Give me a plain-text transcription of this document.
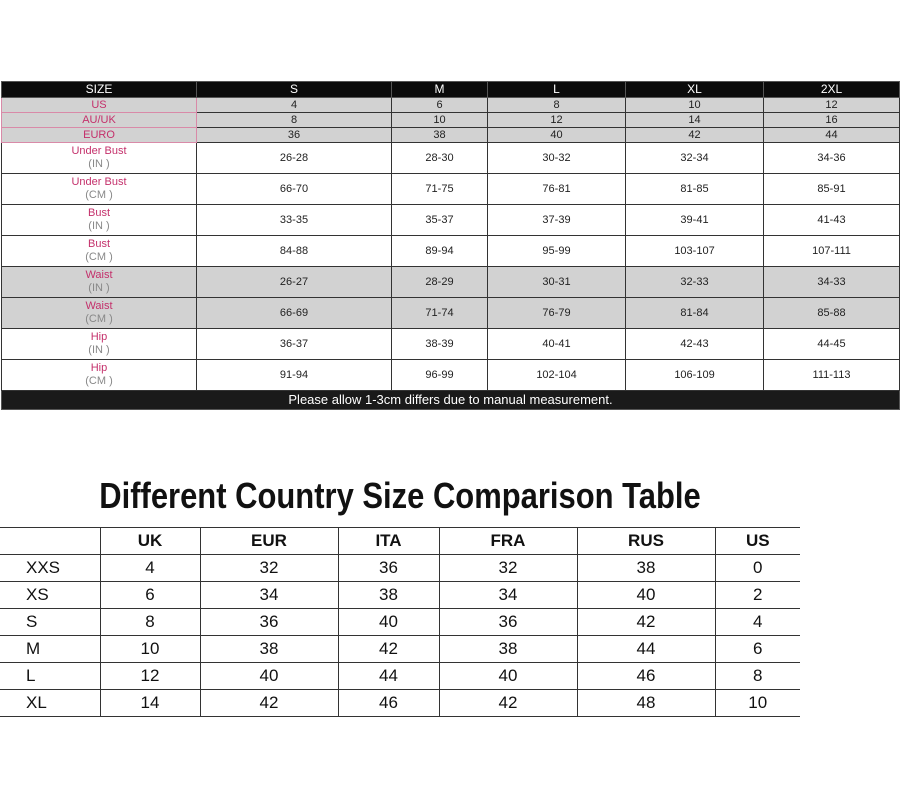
SIZE	S	M	L	XL	2XL
US	4	6	8	10	12
AU/UK	8	10	12	14	16
EURO	36	38	40	42	44

Under Bust
(IN )	26-28	28-30	30-32	32-34	34-36

Under Bust
(CM )	66-70	71-75	76-81	81-85	85-91

Bust
(IN )	33-35	35-37	37-39	39-41	41-43

Bust
(CM )	84-88	89-94	95-99	103-107	107-111

Waist
(IN )	26-27	28-29	30-31	32-33	34-33

Waist
(CM )	66-69	71-74	76-79	81-84	85-88

Hip
(IN )	36-37	38-39	40-41	42-43	44-45

Hip
(CM )	91-94	96-99	102-104	106-109	111-113
Please allow 1-3cm differs due to manual measurement.					
Different Country Size Comparison Table
	UK	EUR	ITA	FRA	RUS	US
XXS	4	32	36	32	38	0
XS	6	34	38	34	40	2
S	8	36	40	36	42	4
M	10	38	42	38	44	6
L	12	40	44	40	46	8
XL	14	42	46	42	48	10
